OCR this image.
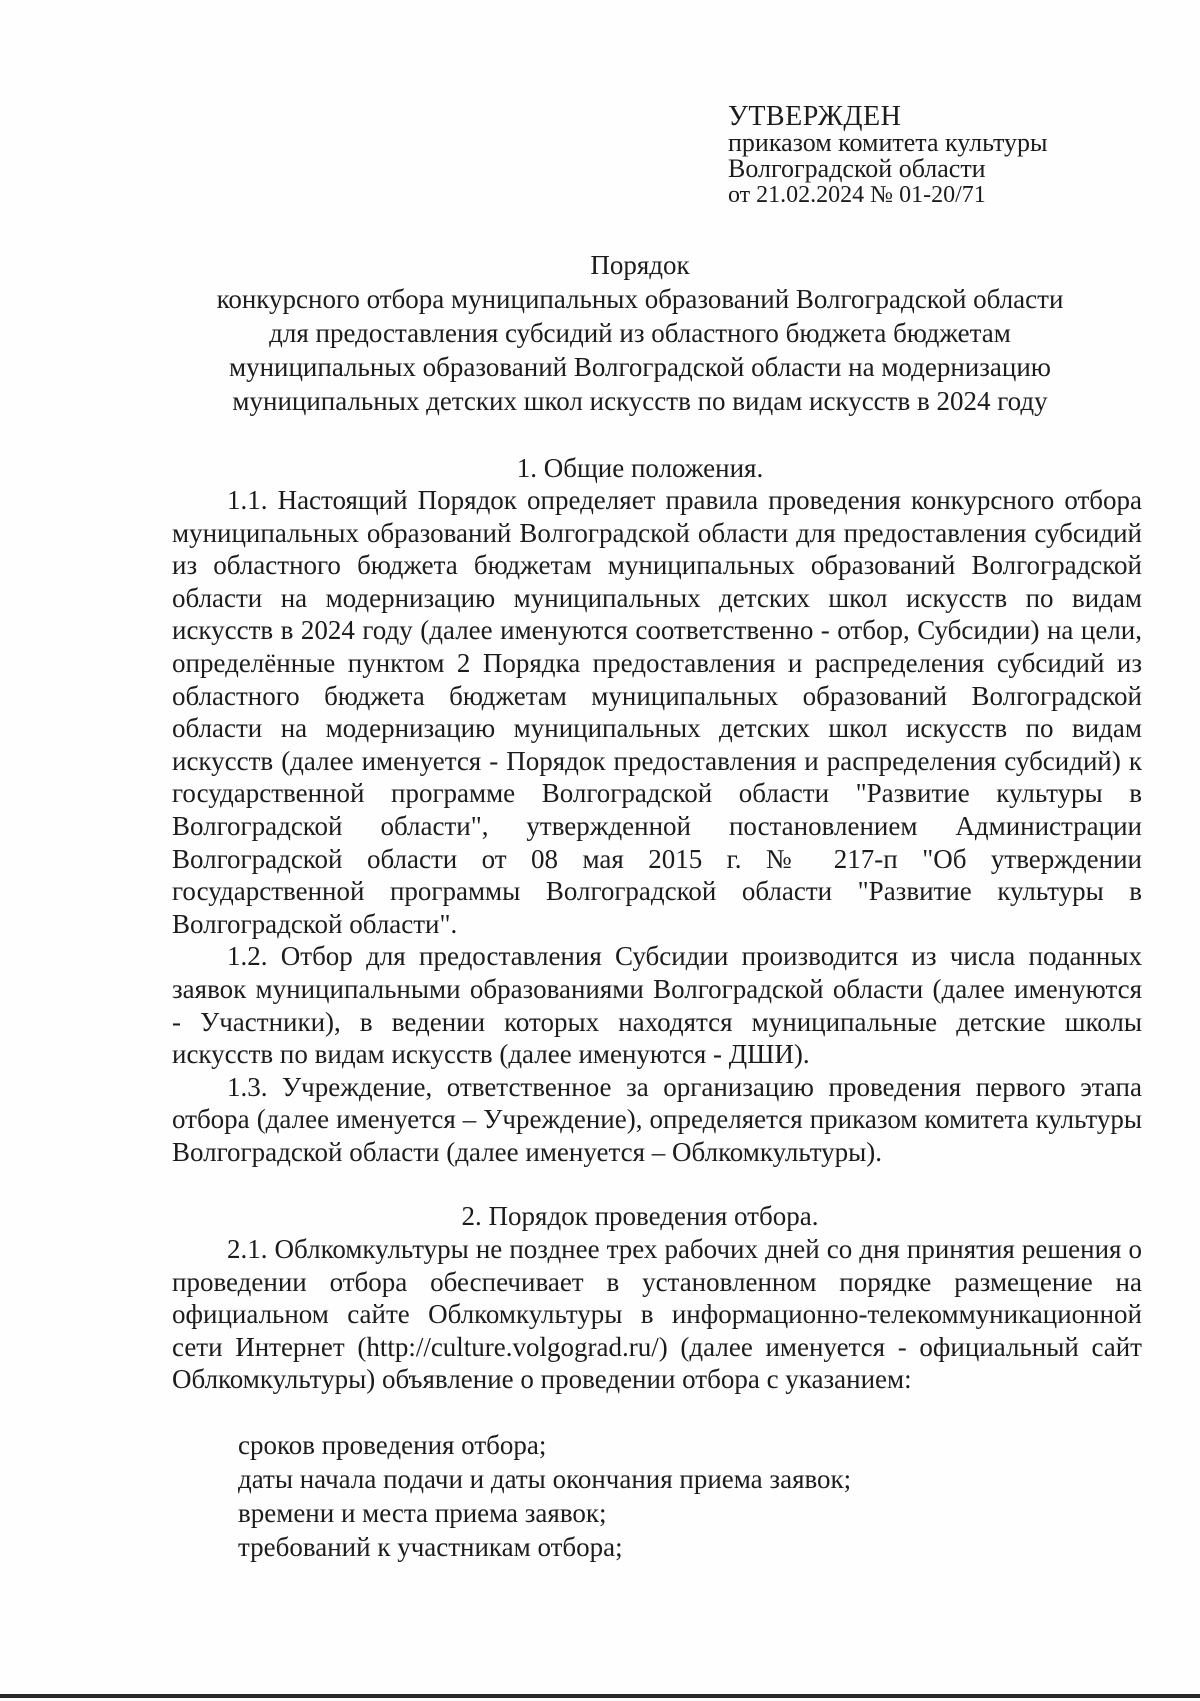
УТВЕРЖДЕН
приказом комитета культуры
Волгоградской области
от 21.02.2024 № 01-20/71
Порядок
конкурсного отбора муниципальных образований Волгоградской области
для предоставления субсидий из областного бюджета бюджетам
муниципальных образований Волгоградской области на модернизацию
муниципальных детских школ искусств по видам искусств в 2024 году
1. Общие положения.

1.1. Настоящий Порядок определяет правила проведения конкурсного отбора муниципальных образований Волгоградской области для предоставления субсидий из областного бюджета бюджетам муниципальных образований Волгоградской области на модернизацию муниципальных детских школ искусств по видам искусств в 2024 году (далее именуются соответственно - отбор, Субсидии) на цели, определённые пунктом 2 Порядка предоставления и распределения субсидий из областного бюджета бюджетам муниципальных образований Волгоградской области на модернизацию муниципальных детских школ искусств по видам искусств (далее именуется - Порядок предоставления и распределения субсидий) к государственной программе Волгоградской области "Развитие культуры в Волгоградской области", утвержденной постановлением Администрации Волгоградской области от 08 мая 2015 г. № 217-п "Об утверждении государственной программы Волгоградской области "Развитие культуры в Волгоградской области".

1.2. Отбор для предоставления Субсидии производится из числа поданных заявок муниципальными образованиями Волгоградской области (далее именуются - Участники), в ведении которых находятся муниципальные детские школы искусств по видам искусств (далее именуются - ДШИ).

1.3. Учреждение, ответственное за организацию проведения первого этапа отбора (далее именуется – Учреждение), определяется приказом комитета культуры Волгоградской области (далее именуется – Облкомкультуры).

2. Порядок проведения отбора.

2.1. Облкомкультуры не позднее трех рабочих дней со дня принятия решения о проведении отбора обеспечивает в установленном порядке размещение на официальном сайте Облкомкультуры в информационно-телекоммуникационной сети Интернет (http://culture.volgograd.ru/) (далее именуется - официальный сайт Облкомкультуры) объявление о проведении отбора с указанием:

сроков проведения отбора;
даты начала подачи и даты окончания приема заявок;
времени и места приема заявок;
требований к участникам отбора;
